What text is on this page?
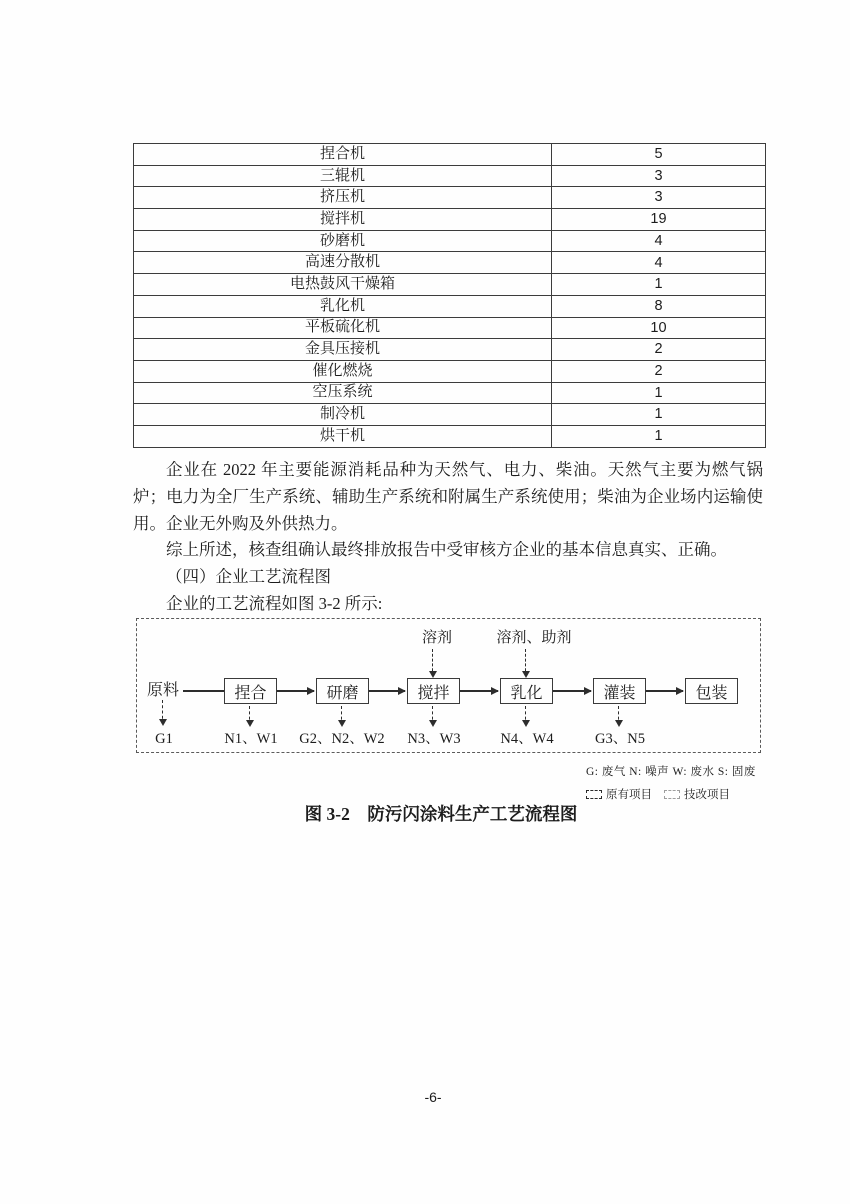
捏合机	5
三辊机	3
挤压机	3
搅拌机	19
砂磨机	4
高速分散机	4
电热鼓风干燥箱	1
乳化机	8
平板硫化机	10
金具压接机	2
催化燃烧	2
空压系统	1
制冷机	1
烘干机	1

企业在 2022 年主要能源消耗品种为天然气、电力、柴油。天然气主要为燃气锅炉；电力为全厂生产系统、辅助生产系统和附属生产系统使用；柴油为企业场内运输使用。企业无外购及外供热力。

综上所述，核查组确认最终排放报告中受审核方企业的基本信息真实、正确。

（四）企业工艺流程图

企业的工艺流程如图 3-2 所示:

溶剂	溶剂、助剂
原料	捏合	研磨	搅拌	乳化	灌装	包装
G1	N1、W1 G2、N2、W2 N3、W3	N4、W4	G3、N5
G: 废气 N: 噪声 W: 废水 S: 固废
原有项目	技改项目
图 3-2　防污闪涂料生产工艺流程图
-6-
